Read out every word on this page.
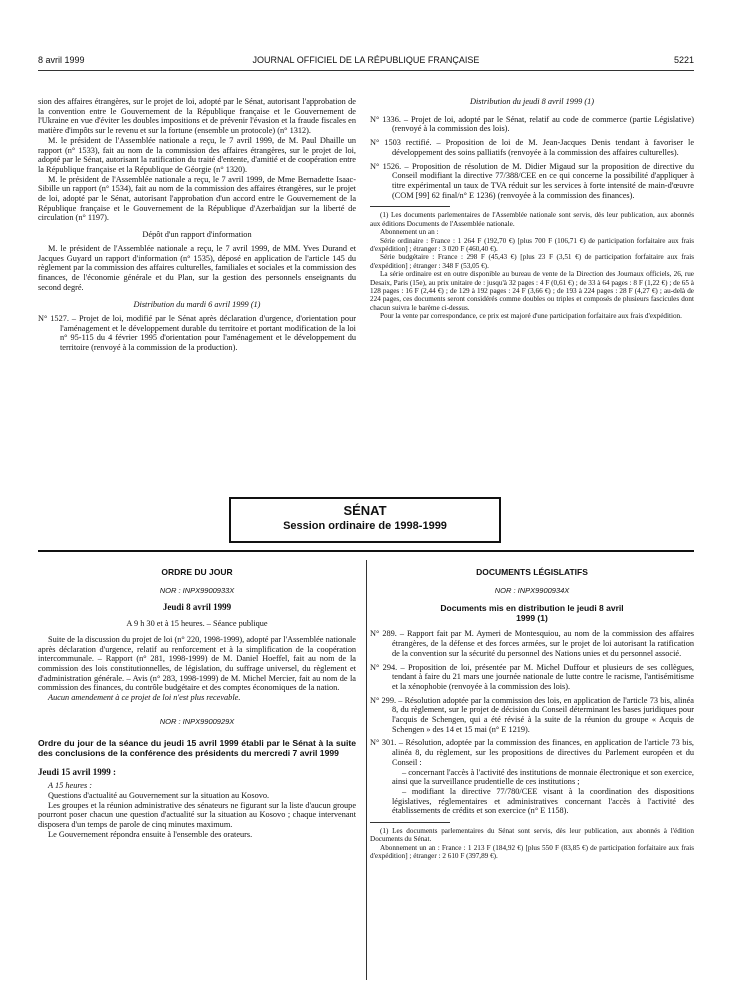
8 avril 1999	JOURNAL OFFICIEL DE LA RÉPUBLIQUE FRANÇAISE	5221

sion des affaires étrangères, sur le projet de loi, adopté par le Sénat, autorisant l'approbation de la convention entre le Gouvernement de la République française et le Gouvernement de l'Ukraine en vue d'éviter les doubles impositions et de prévenir l'évasion et la fraude fiscales en matière d'impôts sur le revenu et sur la fortune (ensemble un protocole) (n° 1312).

M. le président de l'Assemblée nationale a reçu, le 7 avril 1999, de M. Paul Dhaille un rapport (n° 1533), fait au nom de la commission des affaires étrangères, sur le projet de loi, adopté par le Sénat, autorisant la ratification du traité d'entente, d'amitié et de coopération entre la République française et la République de Géorgie (n° 1320).

M. le président de l'Assemblée nationale a reçu, le 7 avril 1999, de Mme Bernadette Isaac-Sibille un rapport (n° 1534), fait au nom de la commission des affaires étrangères, sur le projet de loi, adopté par le Sénat, autorisant l'approbation d'un accord entre le Gouvernement de la République française et le Gouvernement de la République d'Azerbaïdjan sur la liberté de circulation (n° 1197).

Dépôt d'un rapport d'information

M. le président de l'Assemblée nationale a reçu, le 7 avril 1999, de MM. Yves Durand et Jacques Guyard un rapport d'information (n° 1535), déposé en application de l'article 145 du règlement par la commission des affaires culturelles, familiales et sociales et la commission des finances, de l'économie générale et du Plan, sur la gestion des personnels enseignants du second degré.

Distribution du mardi 6 avril 1999 (1)

N° 1527. – Projet de loi, modifié par le Sénat après déclaration d'urgence, d'orientation pour l'aménagement et le développement durable du territoire et portant modification de la loi n° 95-115 du 4 février 1995 d'orientation pour l'aménagement et le développement du territoire (renvoyé à la commission de la production).

Distribution du jeudi 8 avril 1999 (1)

N° 1336. – Projet de loi, adopté par le Sénat, relatif au code de commerce (partie Législative) (renvoyé à la commission des lois).

N° 1503 rectifié. – Proposition de loi de M. Jean-Jacques Denis tendant à favoriser le développement des soins palliatifs (renvoyée à la commission des affaires culturelles).

N° 1526. – Proposition de résolution de M. Didier Migaud sur la proposition de directive du Conseil modifiant la directive 77/388/CEE en ce qui concerne la possibilité d'appliquer à titre expérimental un taux de TVA réduit sur les services à forte intensité de main-d'œuvre (COM [99] 62 final/n° E 1236) (renvoyée à la commission des finances).

(1) Les documents parlementaires de l'Assemblée nationale sont servis, dès leur publication, aux abonnés aux éditions Documents de l'Assemblée nationale.

Abonnement un an :

Série ordinaire : France : 1 264 F (192,70 €) [plus 700 F (106,71 €) de participation forfaitaire aux frais d'expédition] ; étranger : 3 020 F (460,40 €).

Série budgétaire : France : 298 F (45,43 €) [plus 23 F (3,51 €) de participation forfaitaire aux frais d'expédition] ; étranger : 348 F (53,05 €).

La série ordinaire est en outre disponible au bureau de vente de la Direction des Journaux officiels, 26, rue Desaix, Paris (15e), au prix unitaire de : jusqu'à 32 pages : 4 F (0,61 €) ; de 33 à 64 pages : 8 F (1,22 €) ; de 65 à 128 pages : 16 F (2,44 €) ; de 129 à 192 pages : 24 F (3,66 €) ; de 193 à 224 pages : 28 F (4,27 €) ; au-delà de 224 pages, ces documents seront considérés comme doubles ou triples et composés de plusieurs fascicules dont chacun suivra le barème ci-dessus.

Pour la vente par correspondance, ce prix est majoré d'une participation forfaitaire aux frais d'expédition.

SÉNAT
Session ordinaire de 1998-1999

ORDRE DU JOUR

NOR : INPX9900933X

Jeudi 8 avril 1999

A 9 h 30 et à 15 heures. – Séance publique

Suite de la discussion du projet de loi (n° 220, 1998-1999), adopté par l'Assemblée nationale après déclaration d'urgence, relatif au renforcement et à la simplification de la coopération intercommunale. – Rapport (n° 281, 1998-1999) de M. Daniel Hoeffel, fait au nom de la commission des lois constitutionnelles, de législation, du suffrage universel, du règlement et d'administration générale. – Avis (n° 283, 1998-1999) de M. Michel Mercier, fait au nom de la commission des finances, du contrôle budgétaire et des comptes économiques de la nation.

Aucun amendement à ce projet de loi n'est plus recevable.

NOR : INPX9900929X

Ordre du jour de la séance du jeudi 15 avril 1999 établi par le Sénat à la suite des conclusions de la conférence des présidents du mercredi 7 avril 1999

Jeudi 15 avril 1999 :

A 15 heures :

Questions d'actualité au Gouvernement sur la situation au Kosovo.

Les groupes et la réunion administrative des sénateurs ne figurant sur la liste d'aucun groupe pourront poser chacun une question d'actualité sur la situation au Kosovo ; chaque intervenant disposera d'un temps de parole de cinq minutes maximum.

Le Gouvernement répondra ensuite à l'ensemble des orateurs.

DOCUMENTS LÉGISLATIFS

NOR : INPX9900934X

Documents mis en distribution le jeudi 8 avril 1999 (1)

N° 289. – Rapport fait par M. Aymeri de Montesquiou, au nom de la commission des affaires étrangères, de la défense et des forces armées, sur le projet de loi autorisant la ratification de la convention sur la sécurité du personnel des Nations unies et du personnel associé.

N° 294. – Proposition de loi, présentée par M. Michel Duffour et plusieurs de ses collègues, tendant à faire du 21 mars une journée nationale de lutte contre le racisme, l'antisémitisme et la xénophobie (renvoyée à la commission des lois).

N° 299. – Résolution adoptée par la commission des lois, en application de l'article 73 bis, alinéa 8, du règlement, sur le projet de décision du Conseil déterminant les bases juridiques pour l'acquis de Schengen, qui a été révisé à la suite de la réunion du groupe « Acquis de Schengen » des 14 et 15 mai (n° E 1219).

N° 301. – Résolution, adoptée par la commission des finances, en application de l'article 73 bis, alinéa 8, du règlement, sur les propositions de directives du Parlement européen et du Conseil :

– concernant l'accès à l'activité des institutions de monnaie électronique et son exercice, ainsi que la surveillance prudentielle de ces institutions ;

– modifiant la directive 77/780/CEE visant à la coordination des dispositions législatives, réglementaires et administratives concernant l'accès à l'activité des établissements de crédits et son exercice (n° E 1158).

(1) Les documents parlementaires du Sénat sont servis, dès leur publication, aux abonnés à l'édition Documents du Sénat.

Abonnement un an : France : 1 213 F (184,92 €) [plus 550 F (83,85 €) de participation forfaitaire aux frais d'expédition] ; étranger : 2 610 F (397,89 €).
